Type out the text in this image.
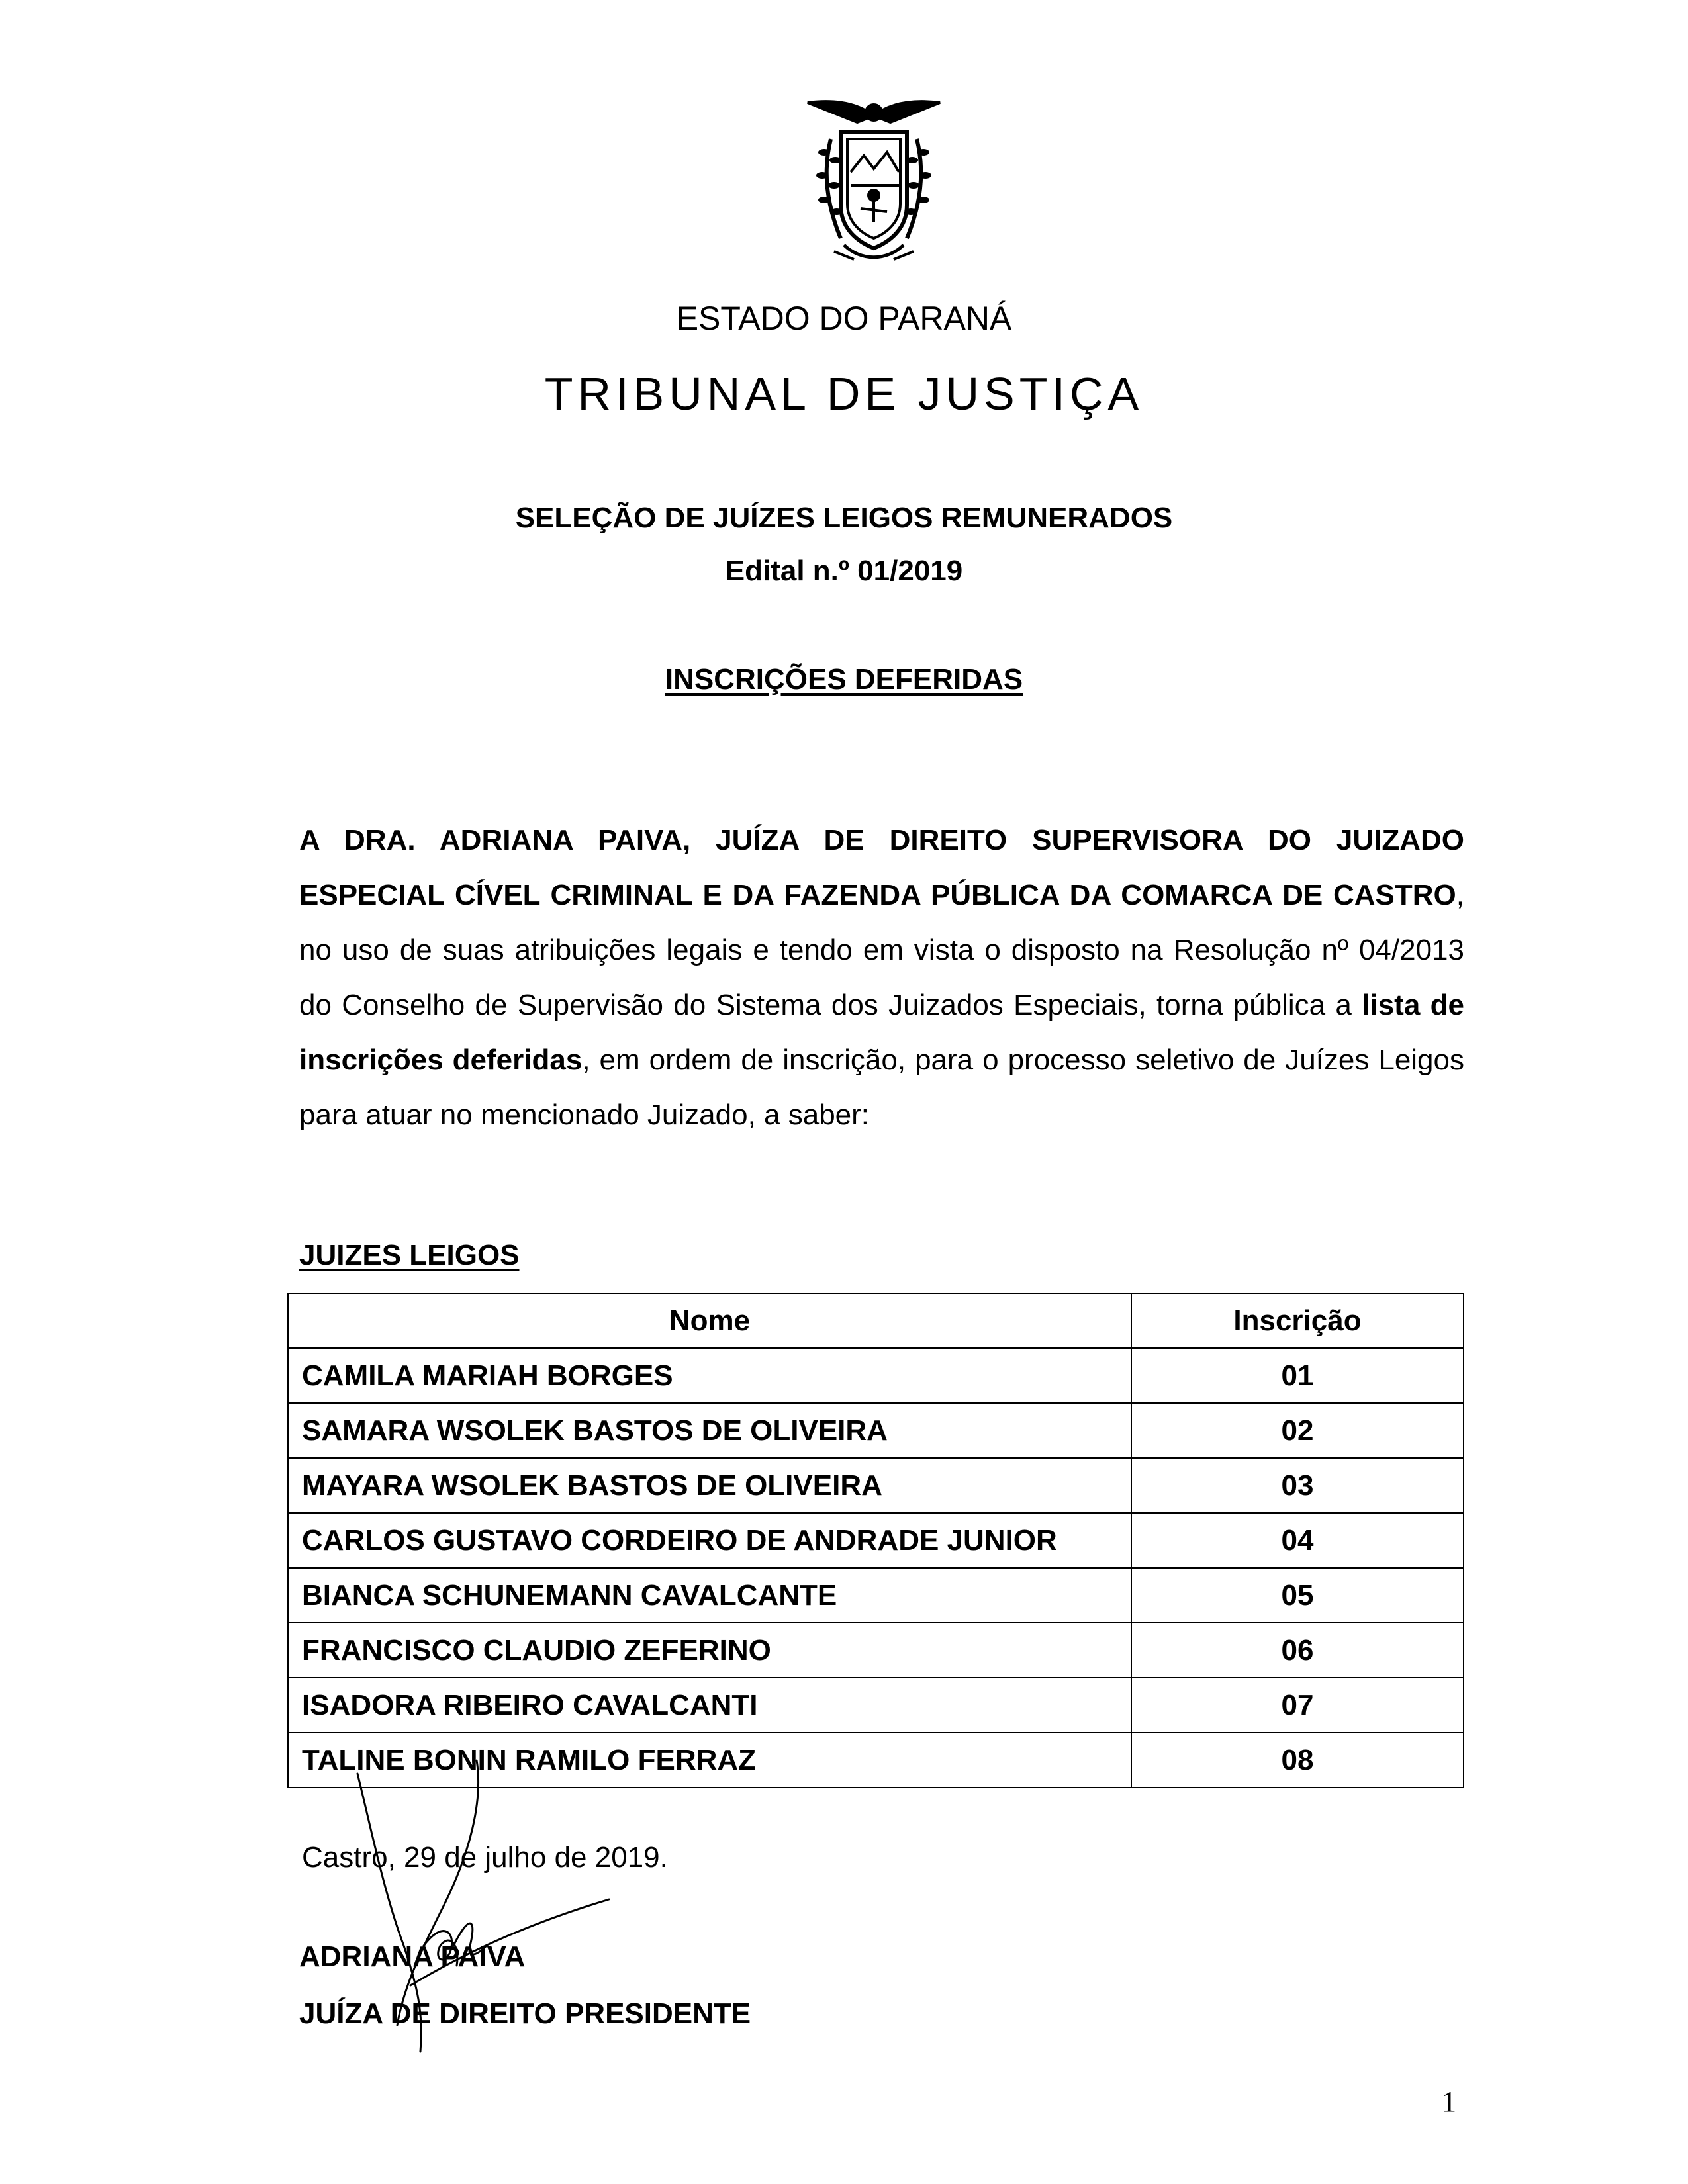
ESTADO DO PARANÁ
TRIBUNAL DE JUSTIÇA
SELEÇÃO DE JUÍZES LEIGOS REMUNERADOS
Edital n.º 01/2019
INSCRIÇÕES DEFERIDAS

A DRA. ADRIANA PAIVA, JUÍZA DE DIREITO SUPERVISORA DO JUIZADO ESPECIAL CÍVEL CRIMINAL E DA FAZENDA PÚBLICA DA COMARCA DE CASTRO, no uso de suas atribuições legais e tendo em vista o disposto na Resolução nº 04/2013 do Conselho de Supervisão do Sistema dos Juizados Especiais, torna pública a lista de inscrições deferidas, em ordem de inscrição, para o processo seletivo de Juízes Leigos para atuar no mencionado Juizado, a saber:

JUIZES LEIGOS

Nome	Inscrição
CAMILA MARIAH BORGES	01
SAMARA WSOLEK BASTOS DE OLIVEIRA	02
MAYARA WSOLEK BASTOS DE OLIVEIRA	03
CARLOS GUSTAVO CORDEIRO DE ANDRADE JUNIOR	04
BIANCA SCHUNEMANN CAVALCANTE	05
FRANCISCO CLAUDIO ZEFERINO	06
ISADORA RIBEIRO CAVALCANTI	07
TALINE BONIN RAMILO FERRAZ	08

Castro, 29 de julho de 2019.

ADRIANA PAIVA

JUÍZA DE DIREITO PRESIDENTE

1
